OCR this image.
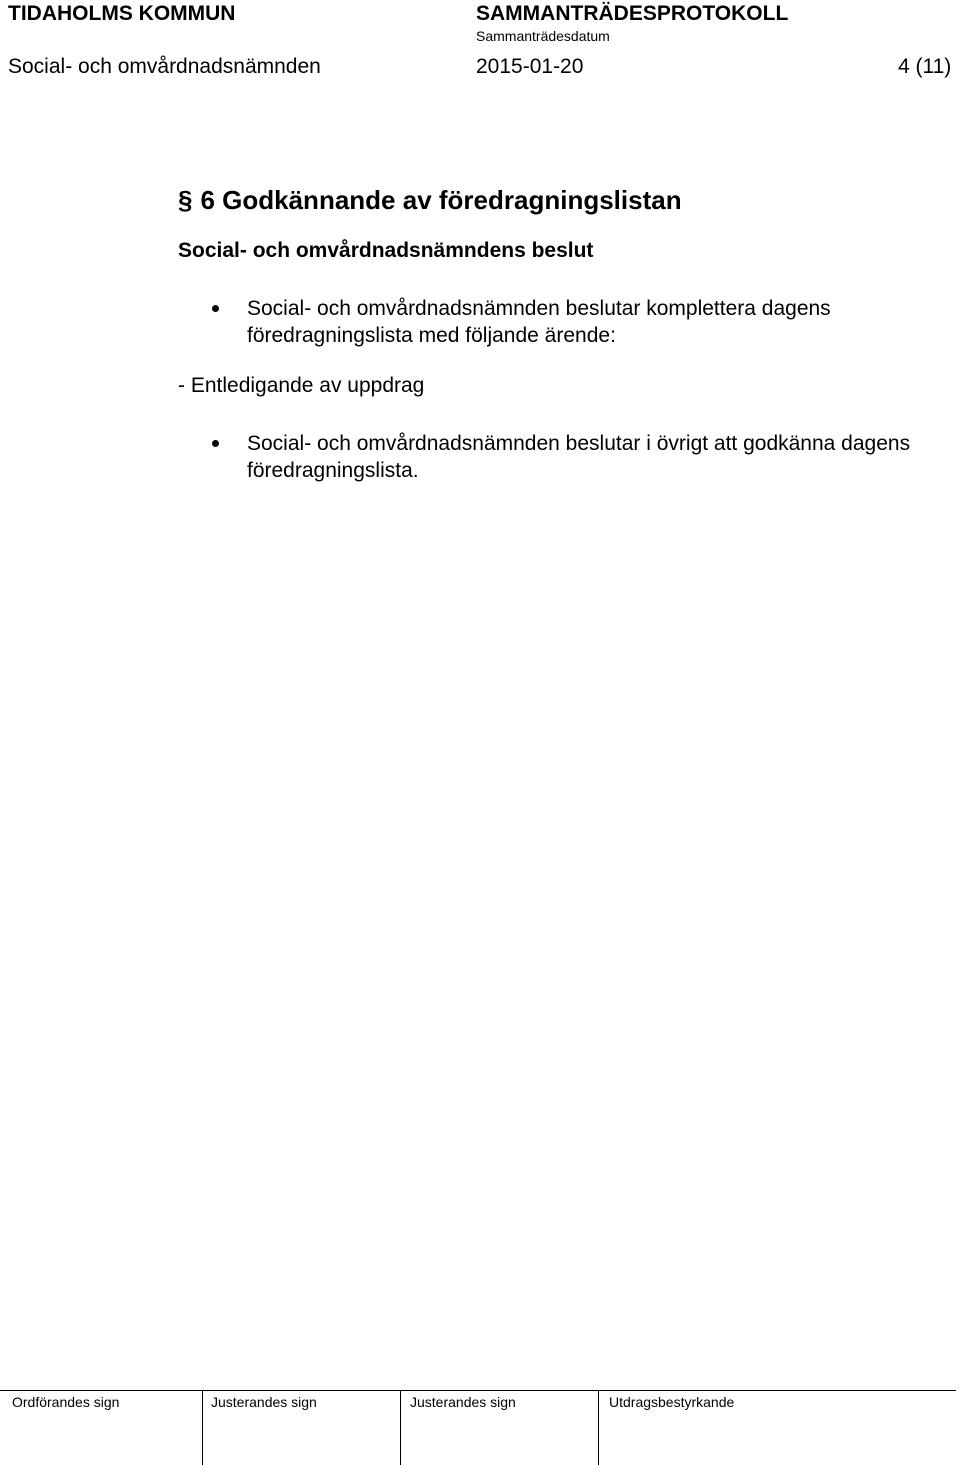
TIDAHOLMS KOMMUN	SAMMANTRÄDESPROTOKOLL
Sammanträdesdatum
Social- och omvårdnadsnämnden	2015-01-20	4 (11)
§ 6 Godkännande av föredragningslistan
Social- och omvårdnadsnämndens beslut
Social- och omvårdnadsnämnden beslutar komplettera dagens föredragningslista med följande ärende:
- Entledigande av uppdrag
Social- och omvårdnadsnämnden beslutar i övrigt att godkänna dagens föredragningslista.
Ordförandes sign	Justerandes sign	Justerandes sign	Utdragsbestyrkande
